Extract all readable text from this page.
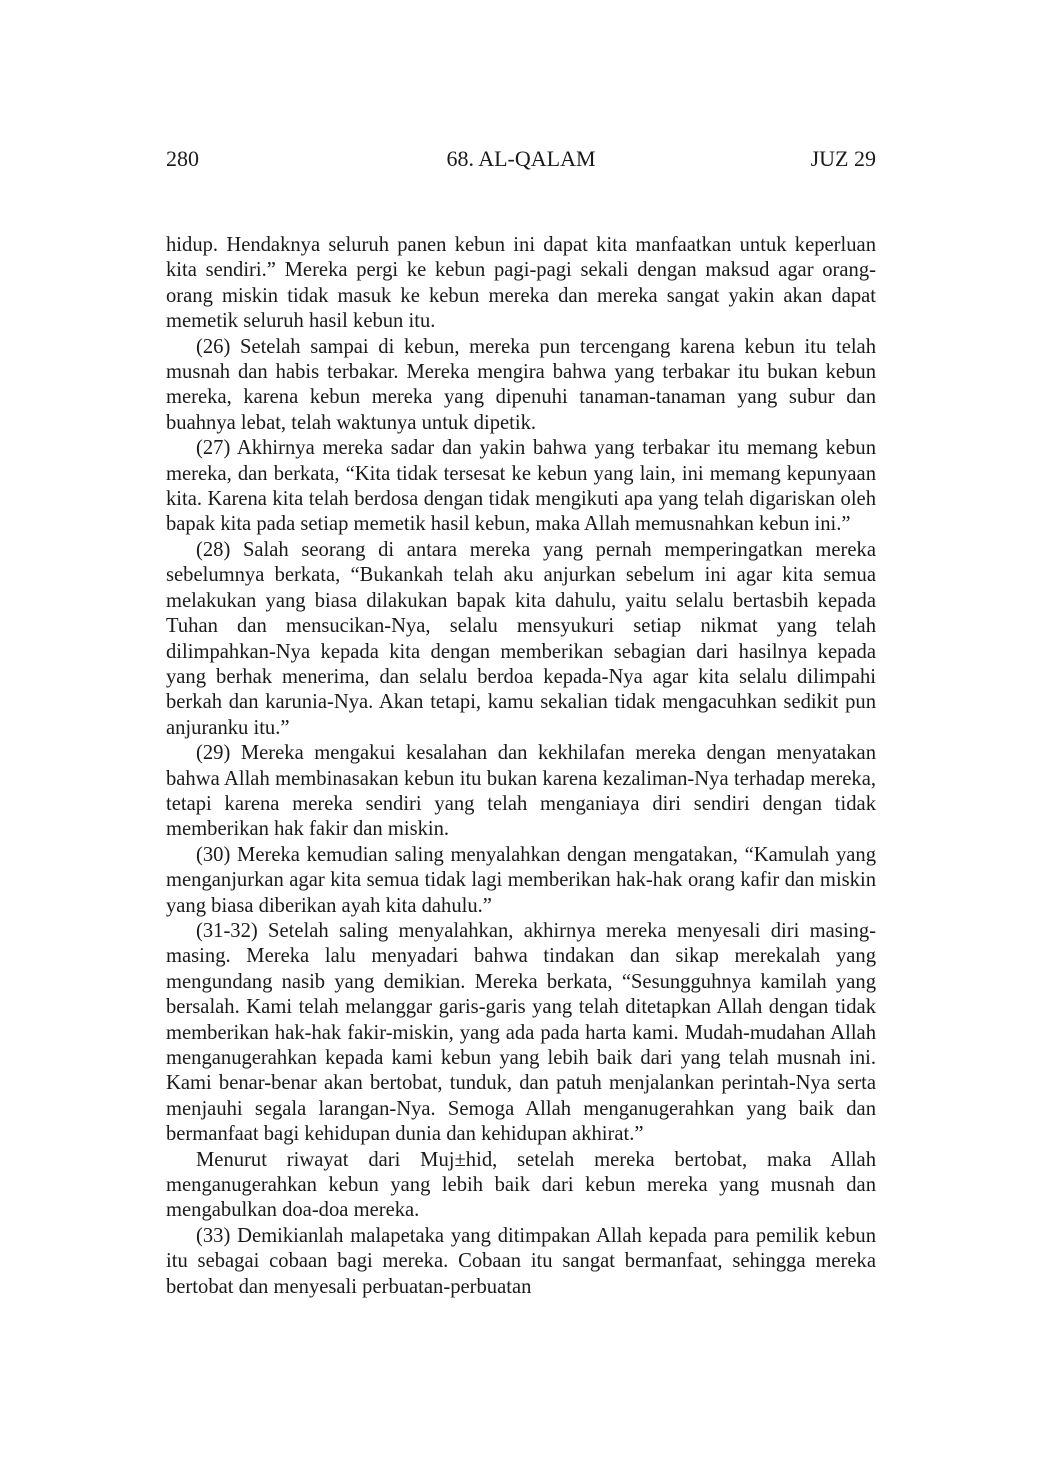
280	68. AL-QALAM	JUZ 29

hidup. Hendaknya seluruh panen kebun ini dapat kita manfaatkan untuk keperluan kita sendiri.” Mereka pergi ke kebun pagi-pagi sekali dengan maksud agar orang-orang miskin tidak masuk ke kebun mereka dan mereka sangat yakin akan dapat memetik seluruh hasil kebun itu.

(26) Setelah sampai di kebun, mereka pun tercengang karena kebun itu telah musnah dan habis terbakar. Mereka mengira bahwa yang terbakar itu bukan kebun mereka, karena kebun mereka yang dipenuhi tanaman-tanaman yang subur dan buahnya lebat, telah waktunya untuk dipetik.

(27) Akhirnya mereka sadar dan yakin bahwa yang terbakar itu memang kebun mereka, dan berkata, “Kita tidak tersesat ke kebun yang lain, ini memang kepunyaan kita. Karena kita telah berdosa dengan tidak mengikuti apa yang telah digariskan oleh bapak kita pada setiap memetik hasil kebun, maka Allah memusnahkan kebun ini.”

(28) Salah seorang di antara mereka yang pernah memperingatkan mereka sebelumnya berkata, “Bukankah telah aku anjurkan sebelum ini agar kita semua melakukan yang biasa dilakukan bapak kita dahulu, yaitu selalu bertasbih kepada Tuhan dan mensucikan-Nya, selalu mensyukuri setiap nikmat yang telah dilimpahkan-Nya kepada kita dengan memberikan sebagian dari hasilnya kepada yang berhak menerima, dan selalu berdoa kepada-Nya agar kita selalu dilimpahi berkah dan karunia-Nya. Akan tetapi, kamu sekalian tidak mengacuhkan sedikit pun anjuranku itu.”

(29) Mereka mengakui kesalahan dan kekhilafan mereka dengan menyatakan bahwa Allah membinasakan kebun itu bukan karena kezaliman-Nya terhadap mereka, tetapi karena mereka sendiri yang telah menganiaya diri sendiri dengan tidak memberikan hak fakir dan miskin.

(30) Mereka kemudian saling menyalahkan dengan mengatakan, “Kamulah yang menganjurkan agar kita semua tidak lagi memberikan hak-hak orang kafir dan miskin yang biasa diberikan ayah kita dahulu.”

(31-32) Setelah saling menyalahkan, akhirnya mereka menyesali diri masing-masing. Mereka lalu menyadari bahwa tindakan dan sikap merekalah yang mengundang nasib yang demikian. Mereka berkata, “Sesungguhnya kamilah yang bersalah. Kami telah melanggar garis-garis yang telah ditetapkan Allah dengan tidak memberikan hak-hak fakir-miskin, yang ada pada harta kami. Mudah-mudahan Allah menganugerahkan kepada kami kebun yang lebih baik dari yang telah musnah ini. Kami benar-benar akan bertobat, tunduk, dan patuh menjalankan perintah-Nya serta menjauhi segala larangan-Nya. Semoga Allah menganugerahkan yang baik dan bermanfaat bagi kehidupan dunia dan kehidupan akhirat.”

Menurut riwayat dari Muj±hid, setelah mereka bertobat, maka Allah menganugerahkan kebun yang lebih baik dari kebun mereka yang musnah dan mengabulkan doa-doa mereka.

(33) Demikianlah malapetaka yang ditimpakan Allah kepada para pemilik kebun itu sebagai cobaan bagi mereka. Cobaan itu sangat bermanfaat, sehingga mereka bertobat dan menyesali perbuatan-perbuatan
